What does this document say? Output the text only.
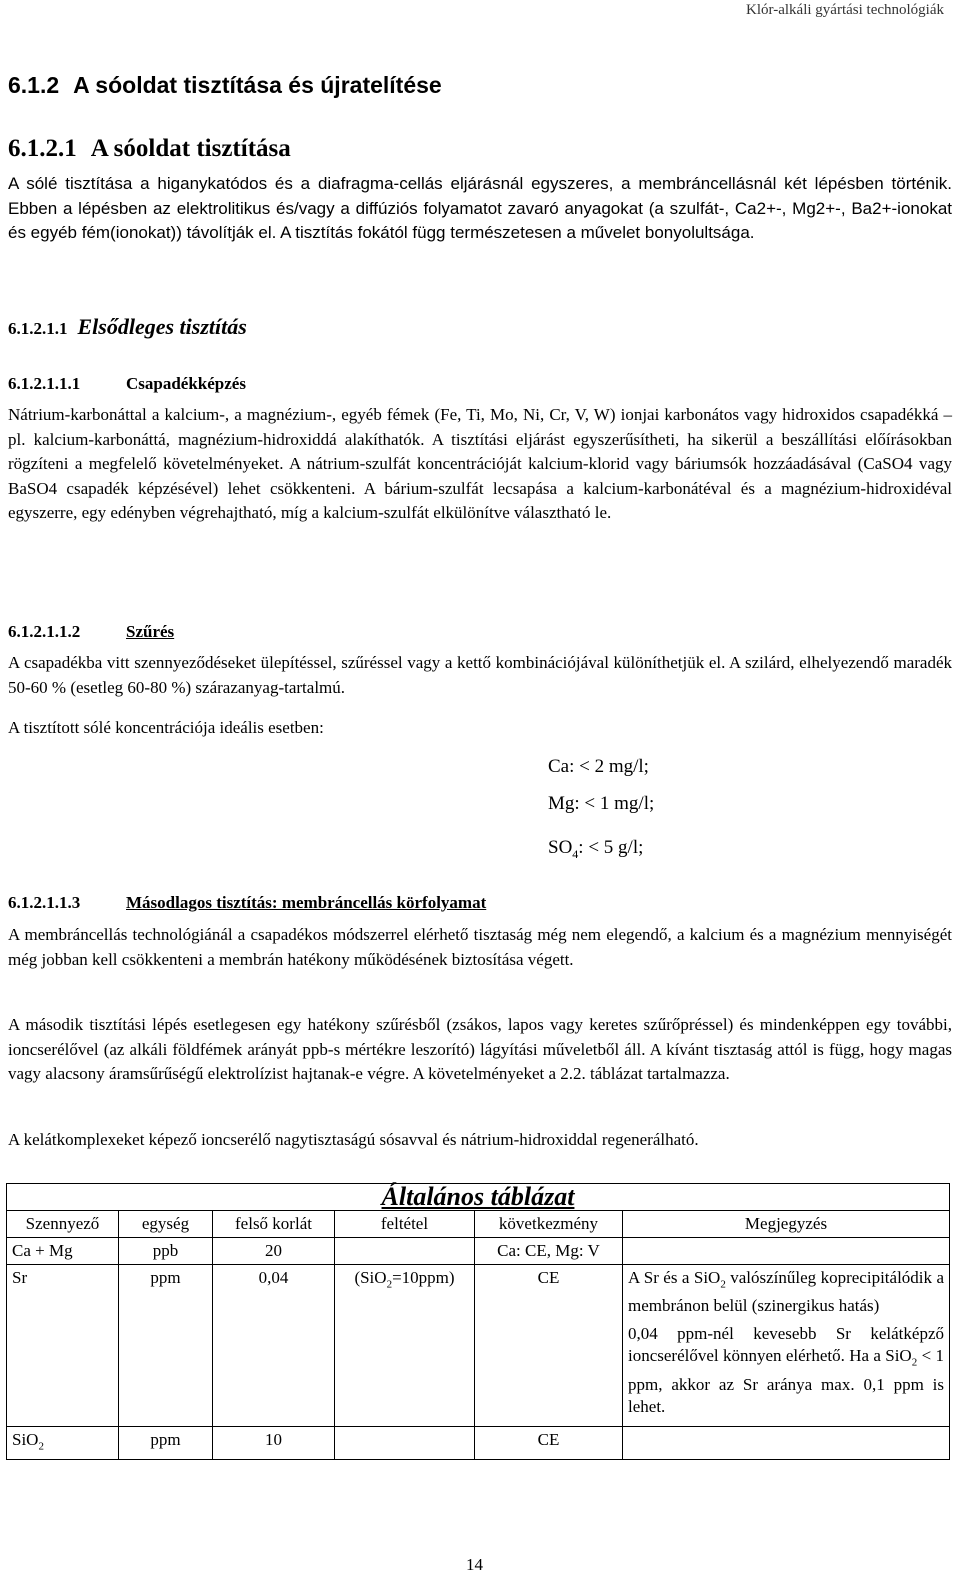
Klór-alkáli gyártási technológiák
6.1.2 A sóoldat tisztítása és újratelítése
6.1.2.1 A sóoldat tisztítása
A sólé tisztítása a higanykatódos és a diafragma-cellás eljárásnál egyszeres, a membráncellásnál két lépésben történik. Ebben a lépésben az elektrolitikus és/vagy a diffúziós folyamatot zavaró anyagokat (a szulfát-, Ca2+-, Mg2+-, Ba2+-ionokat és egyéb fém(ionokat)) távolítják el. A tisztítás fokától függ természetesen a művelet bonyolultsága.
6.1.2.1.1 Elsődleges tisztítás
6.1.2.1.1.1	Csapadékképzés
Nátrium-karbonáttal a kalcium-, a magnézium-, egyéb fémek (Fe, Ti, Mo, Ni, Cr, V, W) ionjai karbonátos vagy hidroxidos csapadékká – pl. kalcium-karbonáttá, magnézium-hidroxiddá alakíthatók. A tisztítási eljárást egyszerűsítheti, ha sikerül a beszállítási előírásokban rögzíteni a megfelelő követelményeket. A nátrium-szulfát koncentrációját kalcium-klorid vagy báriumsók hozzáadásával (CaSO4 vagy BaSO4 csapadék képzésével) lehet csökkenteni. A bárium-szulfát lecsapása a kalcium-karbonátéval és a magnézium-hidroxidéval egyszerre, egy edényben végrehajtható, míg a kalcium-szulfát elkülönítve választható le.
6.1.2.1.1.2	Szűrés
A csapadékba vitt szennyeződéseket ülepítéssel, szűréssel vagy a kettő kombinációjával különíthetjük el. A szilárd, elhelyezendő maradék 50-60 % (esetleg 60-80 %) szárazanyag-tartalmú.
A tisztított sólé koncentrációja ideális esetben:
Ca: < 2 mg/l;
Mg: < 1 mg/l;
$SO_4$: < 5 g/l;
6.1.2.1.1.3	Másodlagos tisztítás: membráncellás körfolyamat
A membráncellás technológiánál a csapadékos módszerrel elérhető tisztaság még nem elegendő, a kalcium és a magnézium mennyiségét még jobban kell csökkenteni a membrán hatékony működésének biztosítása végett.
A második tisztítási lépés esetlegesen egy hatékony szűrésből (zsákos, lapos vagy keretes szűrőpréssel) és mindenképpen egy további, ioncserélővel (az alkáli földfémek arányát ppb-s mértékre leszorító) lágyítási műveletből áll. A kívánt tisztaság attól is függ, hogy magas vagy alacsony áramsűrűségű elektrolízist hajtanak-e végre. A követelményeket a 2.2. táblázat tartalmazza.
A kelátkomplexeket képező ioncserélő nagytisztaságú sósavval és nátrium-hidroxiddal regenerálható.
Általános táblázat					
Szennyező	egység	felső korlát	feltétel	következmény	Megjegyzés
Ca + Mg	ppb	20		Ca: CE, Mg: V	
Sr	ppm	0,04	(SiO$_2$=10ppm)	CE	A Sr és a SiO$_2$ valószínűleg koprecipitálódik a membránon belül (szinergikus hatás)

0,04 ppm-nél kevesebb Sr kelátképző ioncserélővel könnyen elérhető. Ha a SiO$_2$ < 1 ppm, akkor az Sr aránya max. 0,1 ppm is lehet.

SiO$_2$	ppm	10		CE	
14
